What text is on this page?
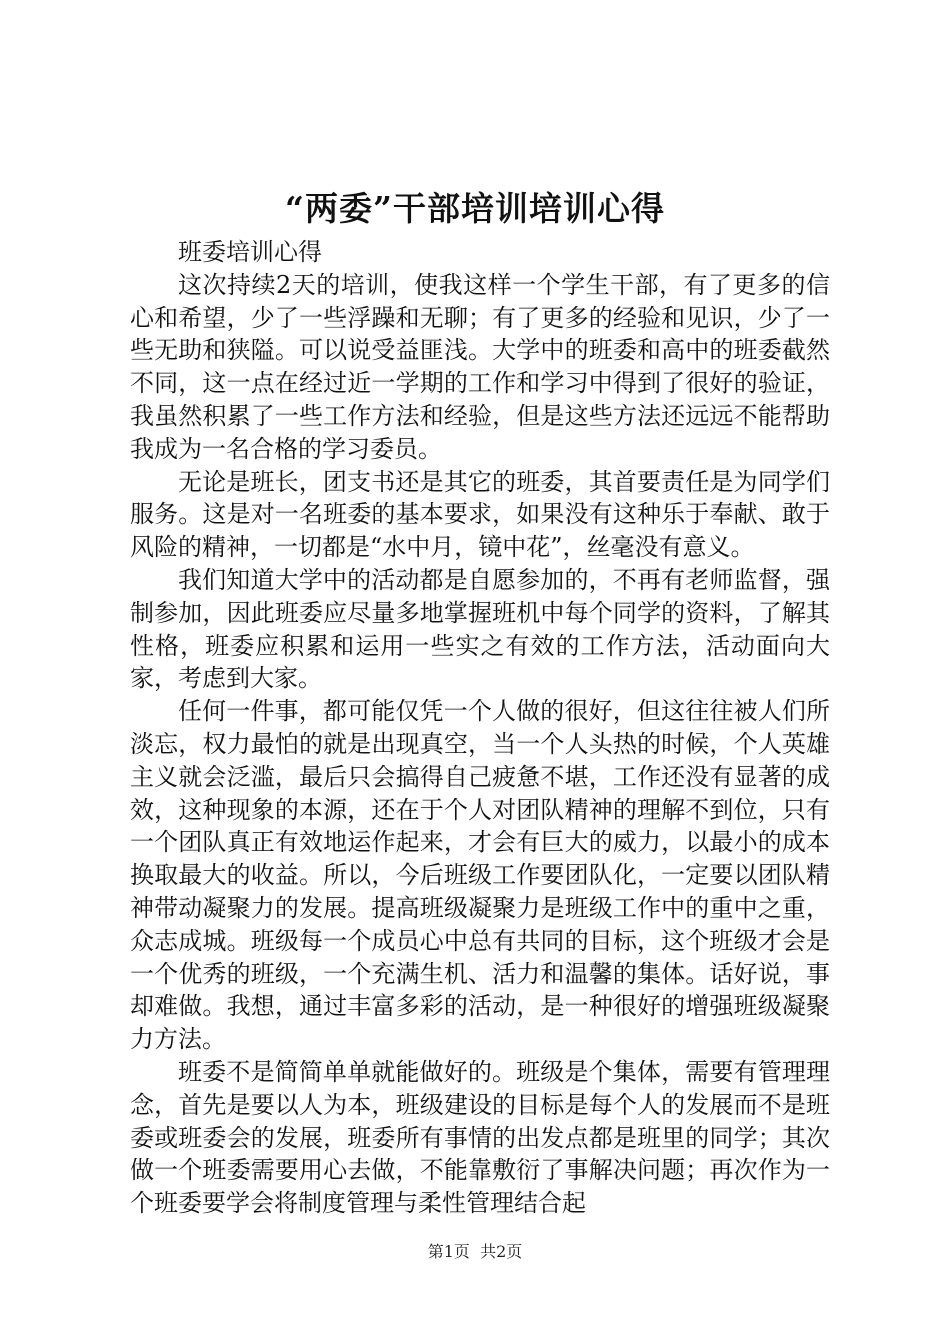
“两委”干部培训培训心得

班委培训心得

这次持续2天的培训，使我这样一个学生干部，有了更多的信心和希望，少了一些浮躁和无聊；有了更多的经验和见识，少了一些无助和狭隘。可以说受益匪浅。大学中的班委和高中的班委截然不同，这一点在经过近一学期的工作和学习中得到了很好的验证，我虽然积累了一些工作方法和经验，但是这些方法还远远不能帮助我成为一名合格的学习委员。

无论是班长，团支书还是其它的班委，其首要责任是为同学们服务。这是对一名班委的基本要求，如果没有这种乐于奉献、敢于风险的精神，一切都是“水中月，镜中花”，丝毫没有意义。

我们知道大学中的活动都是自愿参加的，不再有老师监督，强制参加，因此班委应尽量多地掌握班机中每个同学的资料，了解其性格，班委应积累和运用一些实之有效的工作方法，活动面向大家，考虑到大家。

任何一件事，都可能仅凭一个人做的很好，但这往往被人们所淡忘，权力最怕的就是出现真空，当一个人头热的时候，个人英雄主义就会泛滥，最后只会搞得自己疲惫不堪，工作还没有显著的成效，这种现象的本源，还在于个人对团队精神的理解不到位，只有一个团队真正有效地运作起来，才会有巨大的威力，以最小的成本换取最大的收益。所以，今后班级工作要团队化，一定要以团队精神带动凝聚力的发展。提高班级凝聚力是班级工作中的重中之重，众志成城。班级每一个成员心中总有共同的目标，这个班级才会是一个优秀的班级，一个充满生机、活力和温馨的集体。话好说，事却难做。我想，通过丰富多彩的活动，是一种很好的增强班级凝聚力方法。

班委不是简简单单就能做好的。班级是个集体，需要有管理理念，首先是要以人为本，班级建设的目标是每个人的发展而不是班委或班委会的发展，班委所有事情的出发点都是班里的同学；其次做一个班委需要用心去做，不能靠敷衍了事解决问题；再次作为一个班委要学会将制度管理与柔性管理结合起

第1页  共2页
